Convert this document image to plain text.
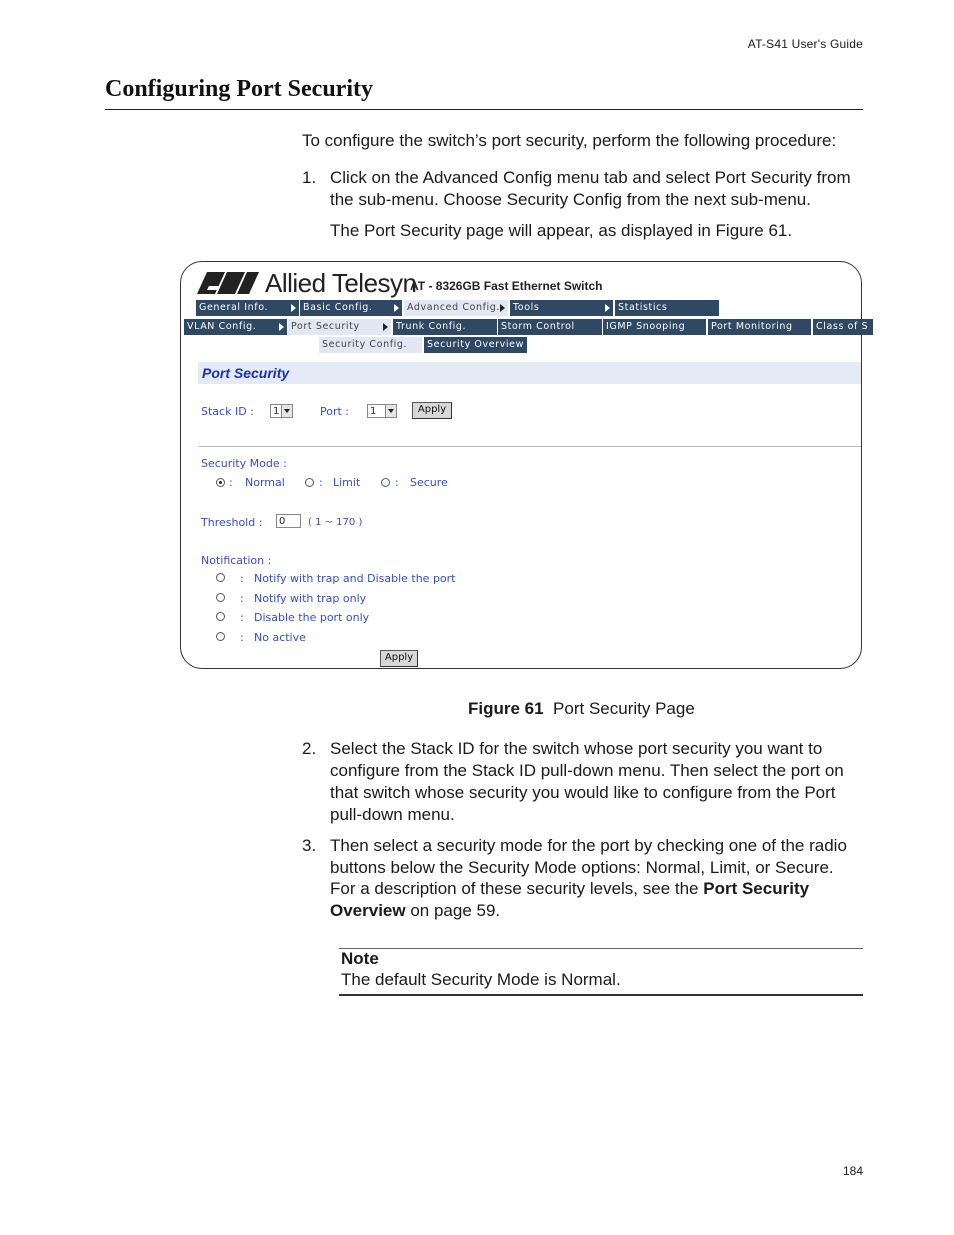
AT-S41 User's Guide
Configuring Port Security
To configure the switch’s port security, perform the following procedure:
1. Click on the Advanced Config menu tab and select Port Security from
the sub-menu. Choose Security Config from the next sub-menu.
The Port Security page will appear, as displayed in Figure 61.
Allied Telesyn
AT - 8326GB Fast Ethernet Switch
General Info.	Basic Config.	Advanced Config.	Tools	Statistics
VLAN Config.	Port Security	Trunk Config.	Storm Control	IGMP Snooping	Port Monitoring	Class of S
Security Config.	Security Overview
Port Security
Stack ID :	1	Port :	1	Apply
Security Mode :
: Normal	: Limit	: Secure
Threshold :	0	( 1 ~ 170 )
Notification :
: Notify with trap and Disable the port
: Notify with trap only
: Disable the port only
: No active
Apply
Figure 61 Port Security Page
2. Select the Stack ID for the switch whose port security you want to
configure from the Stack ID pull-down menu. Then select the port on
that switch whose security you would like to configure from the Port
pull-down menu.
3. Then select a security mode for the port by checking one of the radio
buttons below the Security Mode options: Normal, Limit, or Secure.
For a description of these security levels, see the Port Security
Overview on page 59.
Note
The default Security Mode is Normal.
184
